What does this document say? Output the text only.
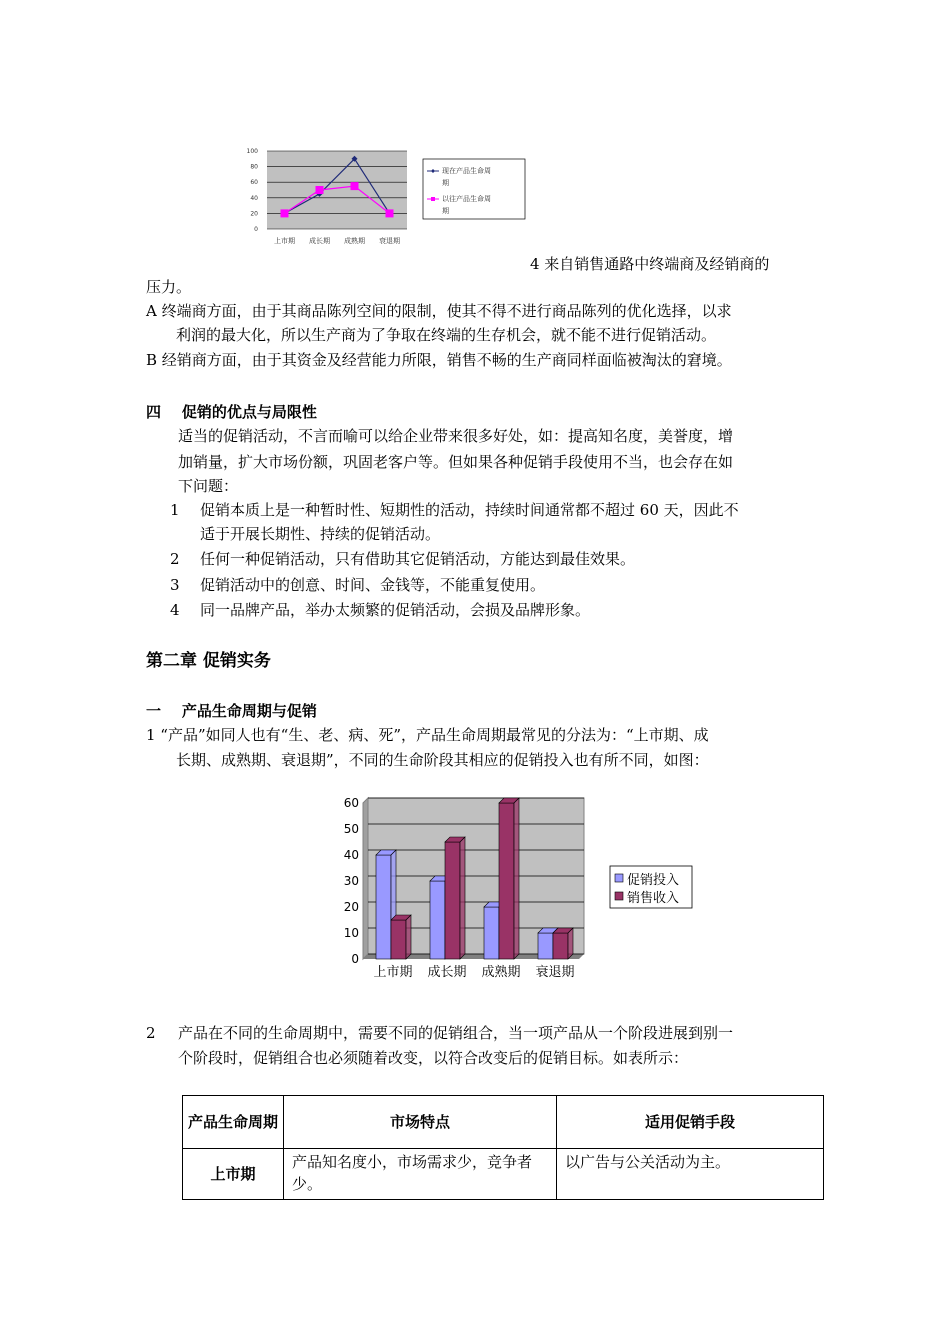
100
80
60
40
20
0
上市期 成长期 成熟期 衰退期
现在产品生命周
期
以往产品生命周
期
4 来自销售通路中终端商及经销商的
压力。
A 终端商方面，由于其商品陈列空间的限制，使其不得不进行商品陈列的优化选择，以求
利润的最大化，所以生产商为了争取在终端的生存机会，就不能不进行促销活动。
B 经销商方面，由于其资金及经营能力所限，销售不畅的生产商同样面临被淘汰的窘境。
四    促销的优点与局限性
适当的促销活动，不言而喻可以给企业带来很多好处，如：提高知名度，美誉度，增
加销量，扩大市场份额，巩固老客户等。但如果各种促销手段使用不当，也会存在如
下问题：
1 促销本质上是一种暂时性、短期性的活动，持续时间通常都不超过 60 天，因此不
适于开展长期性、持续的促销活动。
2 任何一种促销活动，只有借助其它促销活动，方能达到最佳效果。
3 促销活动中的创意、时间、金钱等，不能重复使用。
4 同一品牌产品，举办太频繁的促销活动，会损及品牌形象。
第二章 促销实务
一    产品生命周期与促销
1 “产品”如同人也有“生、老、病、死”，产品生命周期最常见的分法为：“上市期、成
长期、成熟期、衰退期”，不同的生命阶段其相应的促销投入也有所不同，如图：
60
50
40
30
20
10
0
上市期 成长期 成熟期 衰退期
促销投入
销售收入
2 产品在不同的生命周期中，需要不同的促销组合，当一项产品从一个阶段进展到别一
个阶段时，促销组合也必须随着改变，以符合改变后的促销目标。如表所示：
产品生命周期	市场特点	适用促销手段
上市期	产品知名度小，市场需求少，竞争者少。	以广告与公关活动为主。
